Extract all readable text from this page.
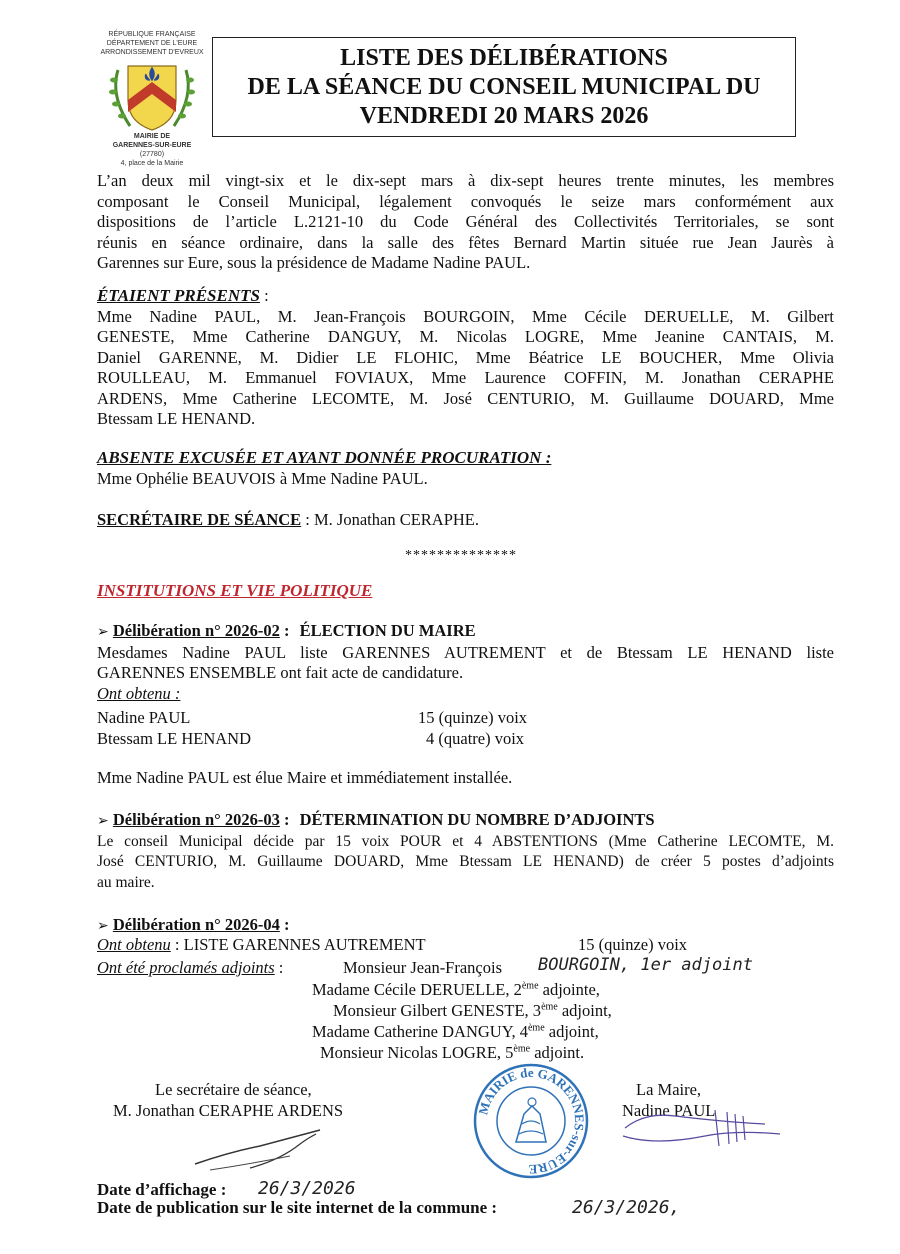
RÉPUBLIQUE FRANÇAISE
DÉPARTEMENT DE L'EURE
ARRONDISSEMENT D'EVREUX
MAIRIE DE
GARENNES-SUR-EURE
(27780)
4, place de la Mairie
LISTE DES DÉLIBÉRATIONS
DE LA SÉANCE DU CONSEIL MUNICIPAL DU
VENDREDI 20 MARS 2026
L’an deux mil vingt-six et le dix-sept mars à dix-sept heures trente minutes, les membres
composant le Conseil Municipal, légalement convoqués le seize mars conformément aux
dispositions de l’article L.2121-10 du Code Général des Collectivités Territoriales, se sont
réunis en séance ordinaire, dans la salle des fêtes Bernard Martin située rue Jean Jaurès à
Garennes sur Eure, sous la présidence de Madame Nadine PAUL.
ÉTAIENT PRÉSENTS :
Mme Nadine PAUL, M. Jean-François BOURGOIN, Mme Cécile DERUELLE, M. Gilbert
GENESTE, Mme Catherine DANGUY, M. Nicolas LOGRE, Mme Jeanine CANTAIS, M.
Daniel GARENNE, M. Didier LE FLOHIC, Mme Béatrice LE BOUCHER, Mme Olivia
ROULLEAU, M. Emmanuel FOVIAUX, Mme Laurence COFFIN, M. Jonathan CERAPHE
ARDENS, Mme Catherine LECOMTE, M. José CENTURIO, M. Guillaume DOUARD, Mme
Btessam LE HENAND.
ABSENTE EXCUSÉE ET AYANT DONNÉE PROCURATION :
Mme Ophélie BEAUVOIS à Mme Nadine PAUL.
SECRÉTAIRE DE SÉANCE : M. Jonathan CERAPHE.
**************
INSTITUTIONS ET VIE POLITIQUE
➢ Délibération n° 2026-02 : ÉLECTION DU MAIRE
Mesdames Nadine PAUL liste GARENNES AUTREMENT et de Btessam LE HENAND liste
GARENNES ENSEMBLE ont fait acte de candidature.
Ont obtenu :
Nadine PAUL	15 (quinze) voix
Btessam LE HENAND	4 (quatre) voix
Mme Nadine PAUL est élue Maire et immédiatement installée.
➢ Délibération n° 2026-03 : DÉTERMINATION DU NOMBRE D’ADJOINTS
Le conseil Municipal décide par 15 voix POUR et 4 ABSTENTIONS (Mme Catherine LECOMTE, M.
José CENTURIO, M. Guillaume DOUARD, Mme Btessam LE HENAND) de créer 5 postes d’adjoints
au maire.
➢ Délibération n° 2026-04 :
Ont obtenu : LISTE GARENNES AUTREMENT	15 (quinze) voix
Ont été proclamés adjoints :	Monsieur Jean-François BOURGOIN, 1er adjoint
Madame Cécile DERUELLE, 2ème adjointe,
Monsieur Gilbert GENESTE, 3ème adjoint,
Madame Catherine DANGUY, 4ème adjoint,
Monsieur Nicolas LOGRE, 5ème adjoint.
Le secrétaire de séance,
M. Jonathan CERAPHE ARDENS
La Maire,
Nadine PAUL
MAIRIE de GARENNES-sur-EURE
Date d’affichage : 26/3/2026
Date de publication sur le site internet de la commune :	26/3/2026,
